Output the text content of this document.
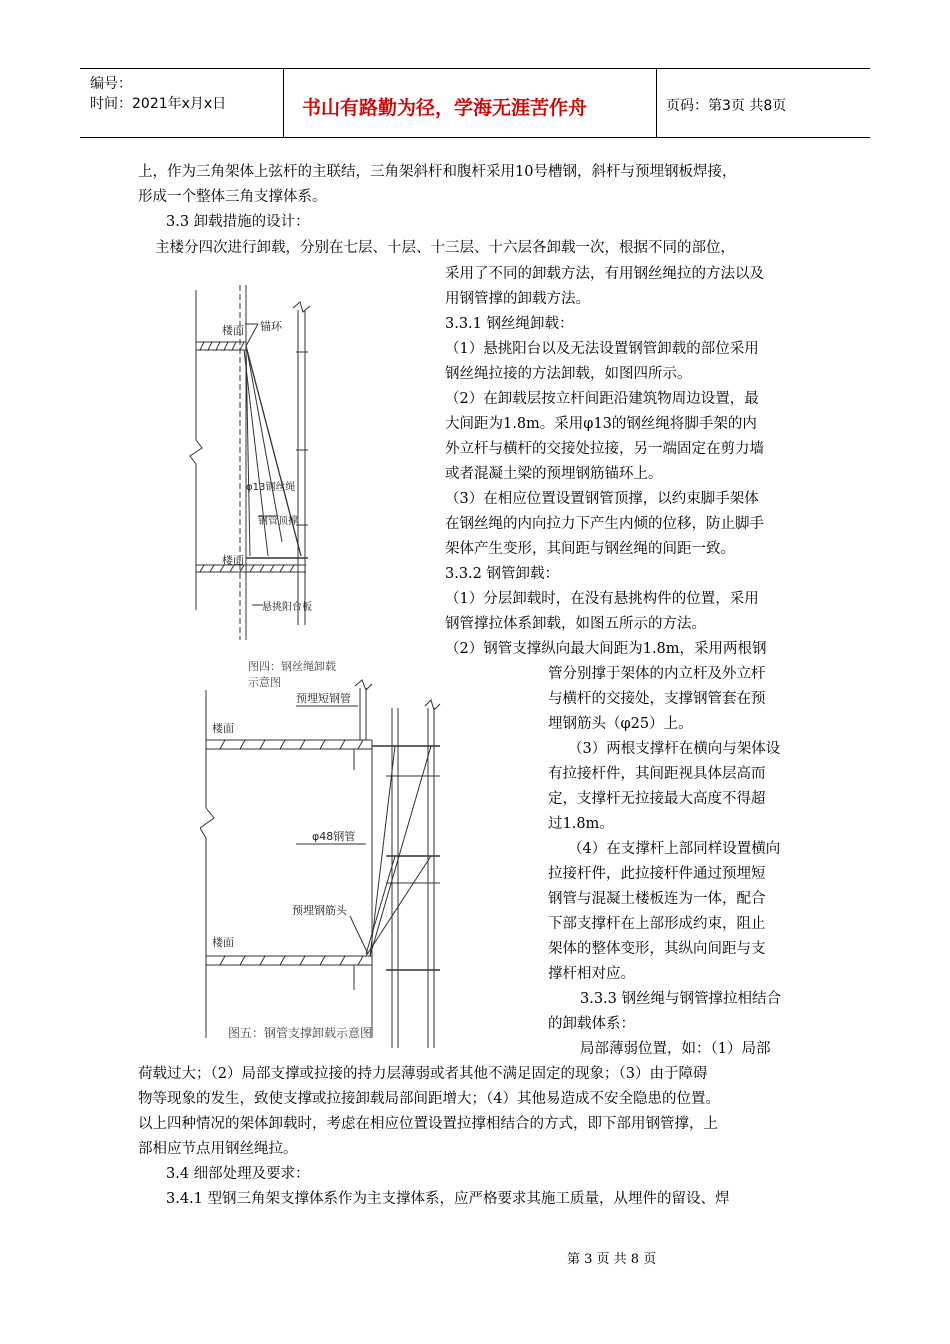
编号：
时间：2021年x月x日	书山有路勤为径，学海无涯苦作舟	页码：第3页 共8页
上，作为三角架体上弦杆的主联结，三角架斜杆和腹杆采用10号槽钢，斜杆与预埋钢板焊接，
形成一个整体三角支撑体系。
3.3 卸载措施的设计：
主楼分四次进行卸载，分别在七层、十层、十三层、十六层各卸载一次，根据不同的部位，
采用了不同的卸载方法，有用钢丝绳拉的方法以及
用钢管撑的卸载方法。
3.3.1 钢丝绳卸载：
（1）悬挑阳台以及无法设置钢管卸载的部位采用
钢丝绳拉接的方法卸载，如图四所示。
（2）在卸载层按立杆间距沿建筑物周边设置，最
大间距为1.8m。采用φ13的钢丝绳将脚手架的内
外立杆与横杆的交接处拉接，另一端固定在剪力墙
或者混凝土梁的预埋钢筋锚环上。
（3）在相应位置设置钢管顶撑，以约束脚手架体
在钢丝绳的内向拉力下产生内倾的位移，防止脚手
架体产生变形，其间距与钢丝绳的间距一致。
3.3.2 钢管卸载：
（1）分层卸载时，在没有悬挑构件的位置，采用
钢管撑拉体系卸载，如图五所示的方法。
（2）钢管支撑纵向最大间距为1.8m，采用两根钢
管分别撑于架体的内立杆及外立杆
与横杆的交接处，支撑钢管套在预
埋钢筋头（φ25）上。
（3）两根支撑杆在横向与架体设
有拉接杆件，其间距视具体层高而
定，支撑杆无拉接最大高度不得超
过1.8m。
（4）在支撑杆上部同样设置横向
拉接杆件，此拉接杆件通过预埋短
钢管与混凝土楼板连为一体，配合
下部支撑杆在上部形成约束，阻止
架体的整体变形，其纵向间距与支
撑杆相对应。
3.3.3 钢丝绳与钢管撑拉相结合
的卸载体系：
局部薄弱位置，如：（1）局部
荷载过大；（2）局部支撑或拉接的持力层薄弱或者其他不满足固定的现象；（3）由于障碍
物等现象的发生，致使支撑或拉接卸载局部间距增大；（4）其他易造成不安全隐患的位置。
以上四种情况的架体卸载时，考虑在相应位置设置拉撑相结合的方式，即下部用钢管撑，上
部相应节点用钢丝绳拉。
3.4 细部处理及要求：
3.4.1 型钢三角架支撑体系作为主支撑体系，应严格要求其施工质量，从埋件的留设、焊
楼面 锚环
φ13钢丝绳
钢管顶撑
楼面
悬挑阳台板
图四：钢丝绳卸载示意图
预埋短钢管
楼面
φ48钢管
预埋钢筋头
楼面
图五：钢管支撑卸载示意图
第 3 页 共 8 页
